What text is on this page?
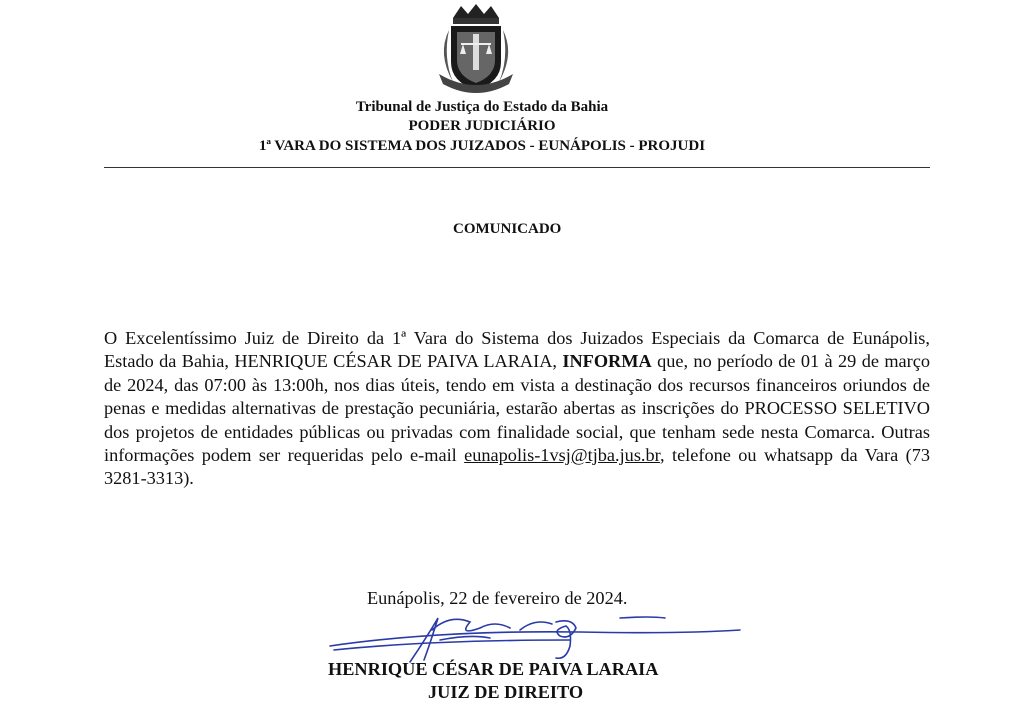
Tribunal de Justiça do Estado da Bahia
PODER JUDICIÁRIO
1ª VARA DO SISTEMA DOS JUIZADOS - EUNÁPOLIS - PROJUDI
COMUNICADO
O Excelentíssimo Juiz de Direito da 1ª Vara do Sistema dos Juizados Especiais da Comarca de Eunápolis, Estado da Bahia, HENRIQUE CÉSAR DE PAIVA LARAIA, INFORMA que, no período de 01 à 29 de março de 2024, das 07:00 às 13:00h, nos dias úteis, tendo em vista a destinação dos recursos financeiros oriundos de penas e medidas alternativas de prestação pecuniária, estarão abertas as inscrições do PROCESSO SELETIVO dos projetos de entidades públicas ou privadas com finalidade social, que tenham sede nesta Comarca. Outras informações podem ser requeridas pelo e-mail eunapolis-1vsj@tjba.jus.br, telefone ou whatsapp da Vara (73 3281-3313).
Eunápolis, 22 de fevereiro de 2024.
HENRIQUE CÉSAR DE PAIVA LARAIA
JUIZ DE DIREITO
